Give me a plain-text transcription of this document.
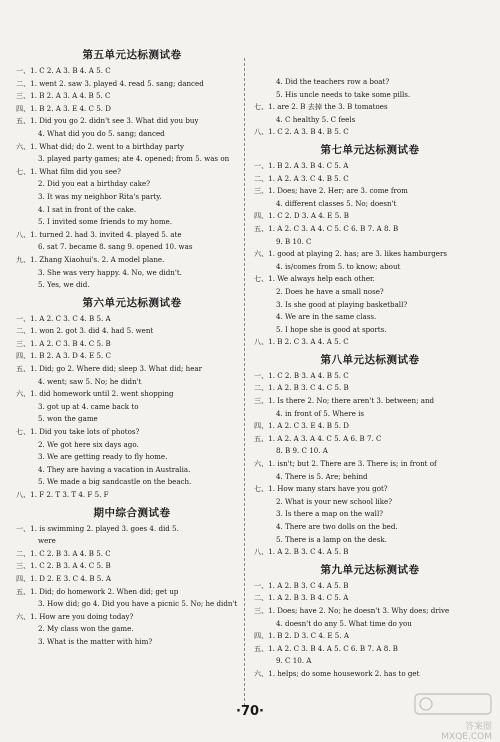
第五单元达标测试卷
一、1. C 2. A 3. B 4. A 5. C
二、1. went 2. saw 3. played 4. read 5. sang; danced
三、1. B 2. A 3. A 4. B 5. C
四、1. B 2. A 3. E 4. C 5. D
五、1. Did you go 2. didn't see 3. What did you buy
4. What did you do 5. sang; danced
六、1. What did; do 2. went to a birthday party
3. played party games; ate 4. opened; from 5. was on
七、1. What film did you see?
2. Did you eat a birthday cake?
3. It was my neighbor Rita's party.
4. I sat in front of the cake.
5. I invited some friends to my home.
八、1. turned 2. had 3. invited 4. played 5. ate
6. sat 7. became 8. sang 9. opened 10. was
九、1. Zhang Xiaohui's. 2. A model plane.
3. She was very happy. 4. No, we didn't.
5. Yes, we did.
第六单元达标测试卷
一、1. A 2. C 3. C 4. B 5. A
二、1. won 2. got 3. did 4. had 5. went
三、1. A 2. C 3. B 4. C 5. B
四、1. B 2. A 3. D 4. E 5. C
五、1. Did; go 2. Where did; sleep 3. What did; hear
4. went; saw 5. No; he didn't
六、1. did homework until 2. went shopping
3. got up at 4. came back to
5. won the game
七、1. Did you take lots of photos?
2. We got here six days ago.
3. We are getting ready to fly home.
4. They are having a vacation in Australia.
5. We made a big sandcastle on the beach.
八、1. F 2. T 3. T 4. F 5. F
期中综合测试卷
一、1. is swimming 2. played 3. goes 4. did 5.
were
二、1. C 2. B 3. A 4. B 5. C
三、1. C 2. B 3. A 4. C 5. B
四、1. D 2. E 3. C 4. B 5. A
五、1. Did; do homework 2. When did; get up
3. How did; go 4. Did you have a picnic 5. No; he didn't
六、1. How are you doing today?
2. My class won the game.
3. What is the matter with him?
4. Did the teachers row a boat?
5. His uncle needs to take some pills.
七、1. are 2. B 去掉 the 3. B tomatoes
4. C healthy 5. C feels
八、1. C 2. A 3. B 4. B 5. C
第七单元达标测试卷
一、1. B 2. A 3. B 4. C 5. A
二、1. A 2. A 3. C 4. B 5. C
三、1. Does; have 2. Her; are 3. come from
4. different classes 5. No; doesn't
四、1. C 2. D 3. A 4. E 5. B
五、1. A 2. C 3. A 4. C 5. C 6. B 7. A 8. B
9. B 10. C
六、1. good at playing 2. has; are 3. likes hamburgers
4. is/comes from 5. to know; about
七、1. We always help each other.
2. Does he have a small nose?
3. Is she good at playing basketball?
4. We are in the same class.
5. I hope she is good at sports.
八、1. B 2. C 3. A 4. A 5. C
第八单元达标测试卷
一、1. C 2. B 3. A 4. B 5. C
二、1. A 2. B 3. C 4. C 5. B
三、1. Is there 2. No; there aren't 3. between; and
4. in front of 5. Where is
四、1. A 2. C 3. E 4. B 5. D
五、1. A 2. A 3. A 4. C 5. A 6. B 7. C
8. B 9. C 10. A
六、1. isn't; but 2. There are 3. There is; in front of
4. There is 5. Are; behind
七、1. How many stars have you got?
2. What is your new school like?
3. Is there a map on the wall?
4. There are two dolls on the bed.
5. There is a lamp on the desk.
八、1. A 2. B 3. C 4. A 5. B
第九单元达标测试卷
一、1. A 2. B 3. C 4. A 5. B
二、1. A 2. B 3. B 4. C 5. A
三、1. Does; have 2. No; he doesn't 3. Why does; drive
4. doesn't do any 5. What time do you
四、1. B 2. D 3. C 4. E 5. A
五、1. A 2. C 3. B 4. A 5. C 6. B 7. A 8. B
9. C 10. A
六、1. helps; do some housework 2. has to get
·70·
答案圈 MXQE.COM
